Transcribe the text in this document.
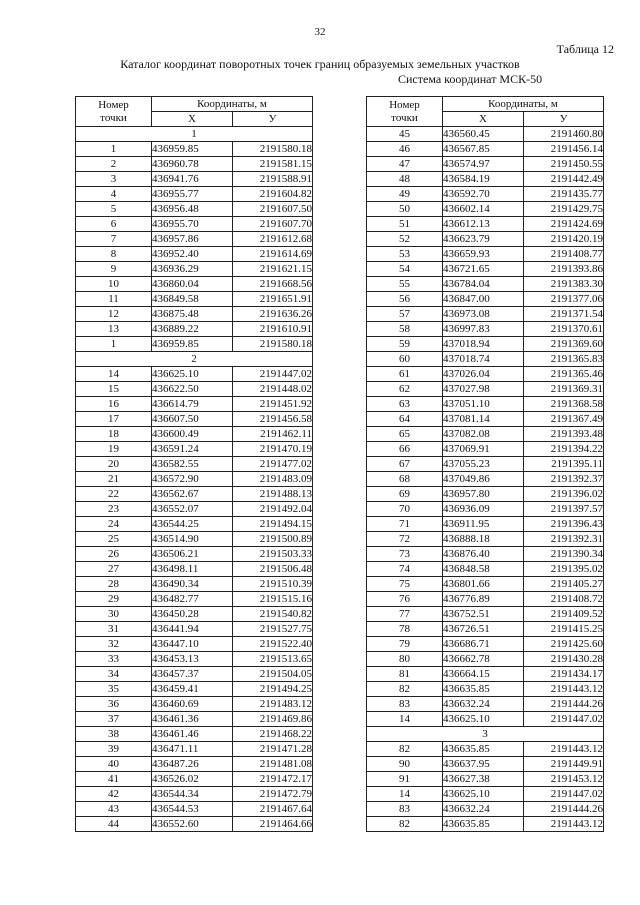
32
Таблица 12
Каталог координат поворотных точек границ образуемых земельных участков
Система координат МСК-50
Номер
точки	Координаты, м	
	Х	У
1		
1	436959.85	2191580.18
2	436960.78	2191581.15
3	436941.76	2191588.91
4	436955.77	2191604.82
5	436956.48	2191607.50
6	436955.70	2191607.70
7	436957.86	2191612.68
8	436952.40	2191614.69
9	436936.29	2191621.15
10	436860.04	2191668.56
11	436849.58	2191651.91
12	436875.48	2191636.26
13	436889.22	2191610.91
1	436959.85	2191580.18
2		
14	436625.10	2191447.02
15	436622.50	2191448.02
16	436614.79	2191451.92
17	436607.50	2191456.58
18	436600.49	2191462.11
19	436591.24	2191470.19
20	436582.55	2191477.02
21	436572.90	2191483.09
22	436562.67	2191488.13
23	436552.07	2191492.04
24	436544.25	2191494.15
25	436514.90	2191500.89
26	436506.21	2191503.33
27	436498.11	2191506.48
28	436490.34	2191510.39
29	436482.77	2191515.16
30	436450.28	2191540.82
31	436441.94	2191527.75
32	436447.10	2191522.40
33	436453.13	2191513.65
34	436457.37	2191504.05
35	436459.41	2191494.25
36	436460.69	2191483.12
37	436461.36	2191469.86
38	436461.46	2191468.22
39	436471.11	2191471.28
40	436487.26	2191481.08
41	436526.02	2191472.17
42	436544.34	2191472.79
43	436544.53	2191467.64
44	436552.60	2191464.66
Номер
точки	Координаты, м	
	Х	У
45	436560.45	2191460.80
46	436567.85	2191456.14
47	436574.97	2191450.55
48	436584.19	2191442.49
49	436592.70	2191435.77
50	436602.14	2191429.75
51	436612.13	2191424.69
52	436623.79	2191420.19
53	436659.93	2191408.77
54	436721.65	2191393.86
55	436784.04	2191383.30
56	436847.00	2191377.06
57	436973.08	2191371.54
58	436997.83	2191370.61
59	437018.94	2191369.60
60	437018.74	2191365.83
61	437026.04	2191365.46
62	437027.98	2191369.31
63	437051.10	2191368.58
64	437081.14	2191367.49
65	437082.08	2191393.48
66	437069.91	2191394.22
67	437055.23	2191395.11
68	437049.86	2191392.37
69	436957.80	2191396.02
70	436936.09	2191397.57
71	436911.95	2191396.43
72	436888.18	2191392.31
73	436876.40	2191390.34
74	436848.58	2191395.02
75	436801.66	2191405.27
76	436776.89	2191408.72
77	436752.51	2191409.52
78	436726.51	2191415.25
79	436686.71	2191425.60
80	436662.78	2191430.28
81	436664.15	2191434.17
82	436635.85	2191443.12
83	436632.24	2191444.26
14	436625.10	2191447.02
3		
82	436635.85	2191443.12
90	436637.95	2191449.91
91	436627.38	2191453.12
14	436625.10	2191447.02
83	436632.24	2191444.26
82	436635.85	2191443.12
